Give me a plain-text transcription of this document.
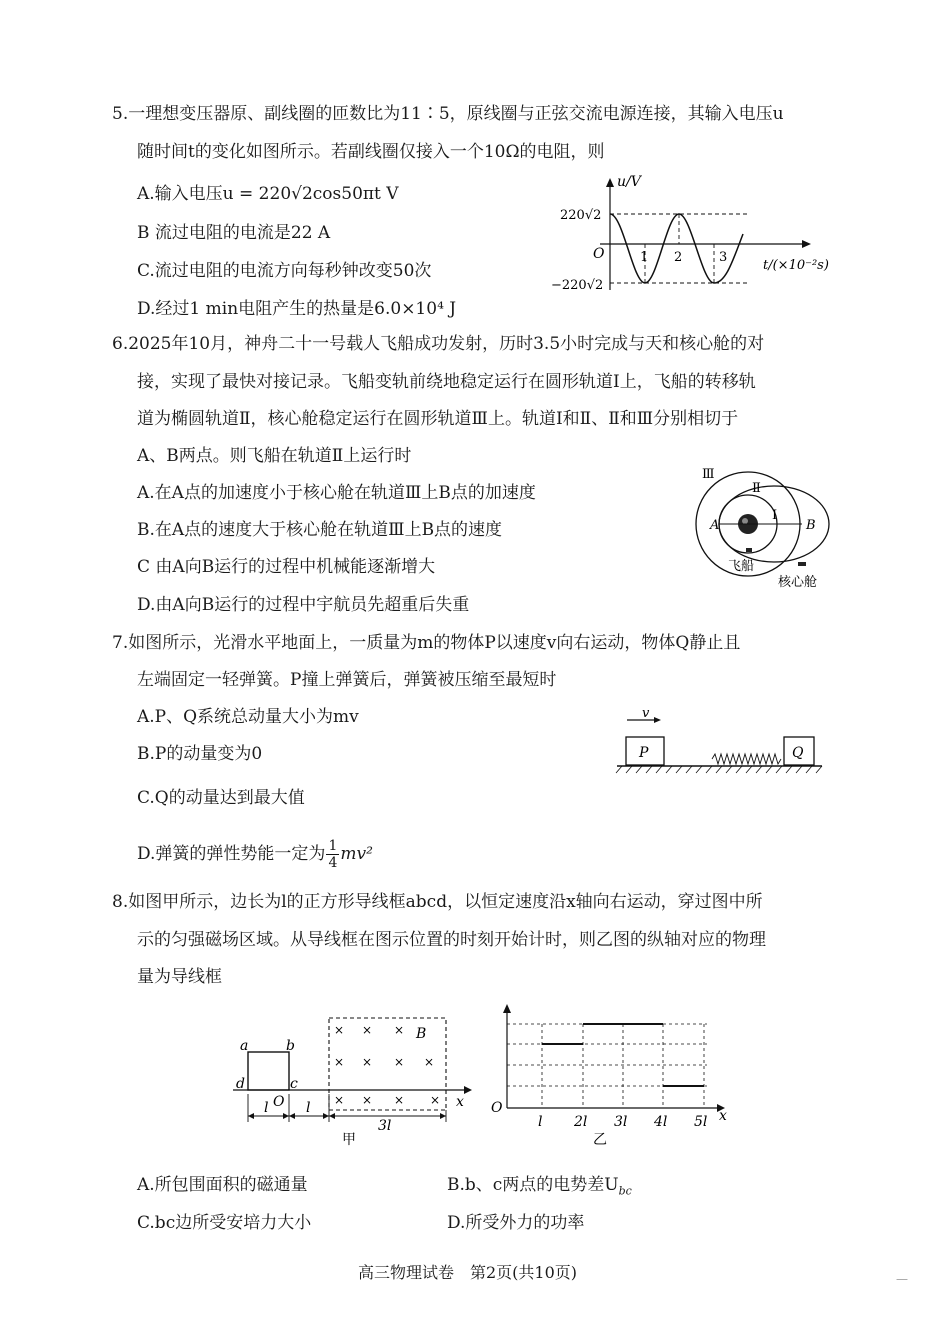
5.一理想变压器原、副线圈的匝数比为11∶5，原线圈与正弦交流电源连接，其输入电压u
随时间t的变化如图所示。若副线圈仅接入一个10Ω的电阻，则
A.输入电压u = 220√2cos50πt V
B 流过电阻的电流是22 A
C.流过电阻的电流方向每秒钟改变50次
D.经过1 min电阻产生的热量是6.0×10⁴ J
u/V
220√2
−220√2
O	1 2	3
t/(×10⁻²s)
6.2025年10月，神舟二十一号载人飞船成功发射，历时3.5小时完成与天和核心舱的对
接，实现了最快对接记录。飞船变轨前绕地稳定运行在圆形轨道Ⅰ上，飞船的转移轨
道为椭圆轨道Ⅱ，核心舱稳定运行在圆形轨道Ⅲ上。轨道Ⅰ和Ⅱ、Ⅱ和Ⅲ分别相切于
A、B两点。则飞船在轨道Ⅱ上运行时
A.在A点的加速度小于核心舱在轨道Ⅲ上B点的加速度
B.在A点的速度大于核心舱在轨道Ⅲ上B点的速度
C 由A向B运行的过程中机械能逐渐增大
D.由A向B运行的过程中宇航员先超重后失重
Ⅲ
Ⅱ
Ⅰ
A	B
飞船
核心舱
7.如图所示，光滑水平地面上，一质量为m的物体P以速度v向右运动，物体Q静止且
左端固定一轻弹簧。P撞上弹簧后，弹簧被压缩至最短时
A.P、Q系统总动量大小为mv
B.P的动量变为0
C.Q的动量达到最大值
D.弹簧的弹性势能一定为 $\frac{1}{4} mv^2$
v
P	Q
8.如图甲所示，边长为l的正方形导线框abcd，以恒定速度沿x轴向右运动，穿过图中所
示的匀强磁场区域。从导线框在图示位置的时刻开始计时，则乙图的纵轴对应的物理
量为导线框
× × ×
× × × ×
× × × ×
B
a	b
c
d
O	x
l	l
3l
甲
O
l 2l 3l 4l 5l x
乙
A.所包围面积的磁通量	B.b、c两点的电势差$U_{bc}$
C.bc边所受安培力大小	D.所受外力的功率
高三物理试卷　第2页(共10页)	—
